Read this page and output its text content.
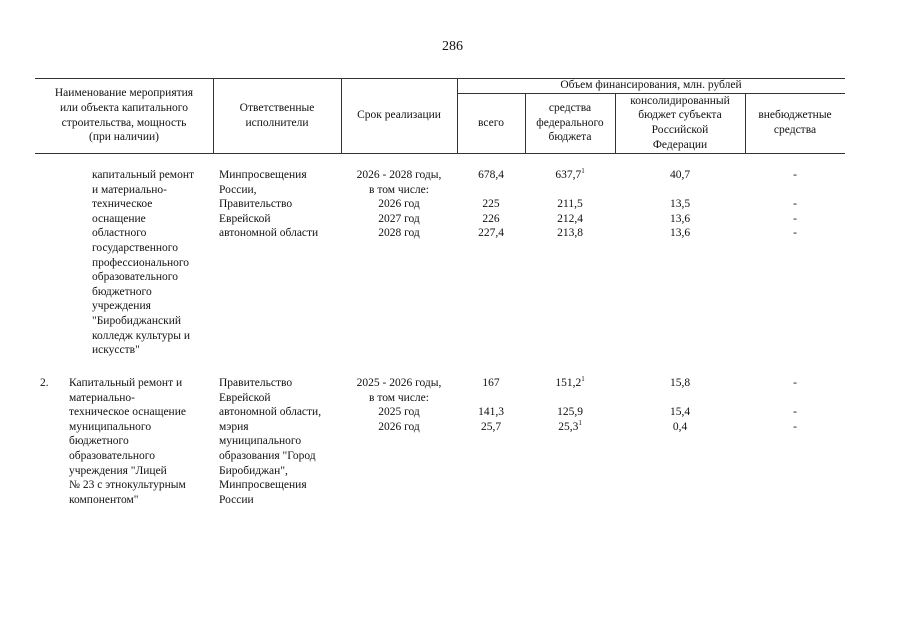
286
Наименование мероприятия
или объекта капитального
строительства, мощность
(при наличии)
Ответственные
исполнители
Срок реализации
Объем финансирования, млн. рублей
всего
средства
федерального
бюджета
консолидированный
бюджет субъекта
Российской
Федерации
внебюджетные
средства
капитальный ремонт
и материально-
техническое
оснащение
областного
государственного
профессионального
образовательного
бюджетного
учреждения
"Биробиджанский
колледж культуры и
искусств"
Минпросвещения
России,
Правительство
Еврейской
автономной области
2026 - 2028 годы,
в том числе:
2026 год
2027 год
2028 год
678,4
225
226
227,4
637,7$^1$
211,5
212,4
213,8
40,7
13,5
13,6
13,6
-
-
-
-
2. Капитальный ремонт и
материально-
техническое оснащение
муниципального
бюджетного
образовательного
учреждения "Лицей
№ 23 с этнокультурным
компонентом"
Правительство
Еврейской
автономной области,
мэрия
муниципального
образования "Город
Биробиджан",
Минпросвещения
России
2025 - 2026 годы,
в том числе:
2025 год
2026 год
167
141,3
25,7
151,2$^1$
125,9
25,3$^1$
15,8
15,4
0,4
-
-
-
